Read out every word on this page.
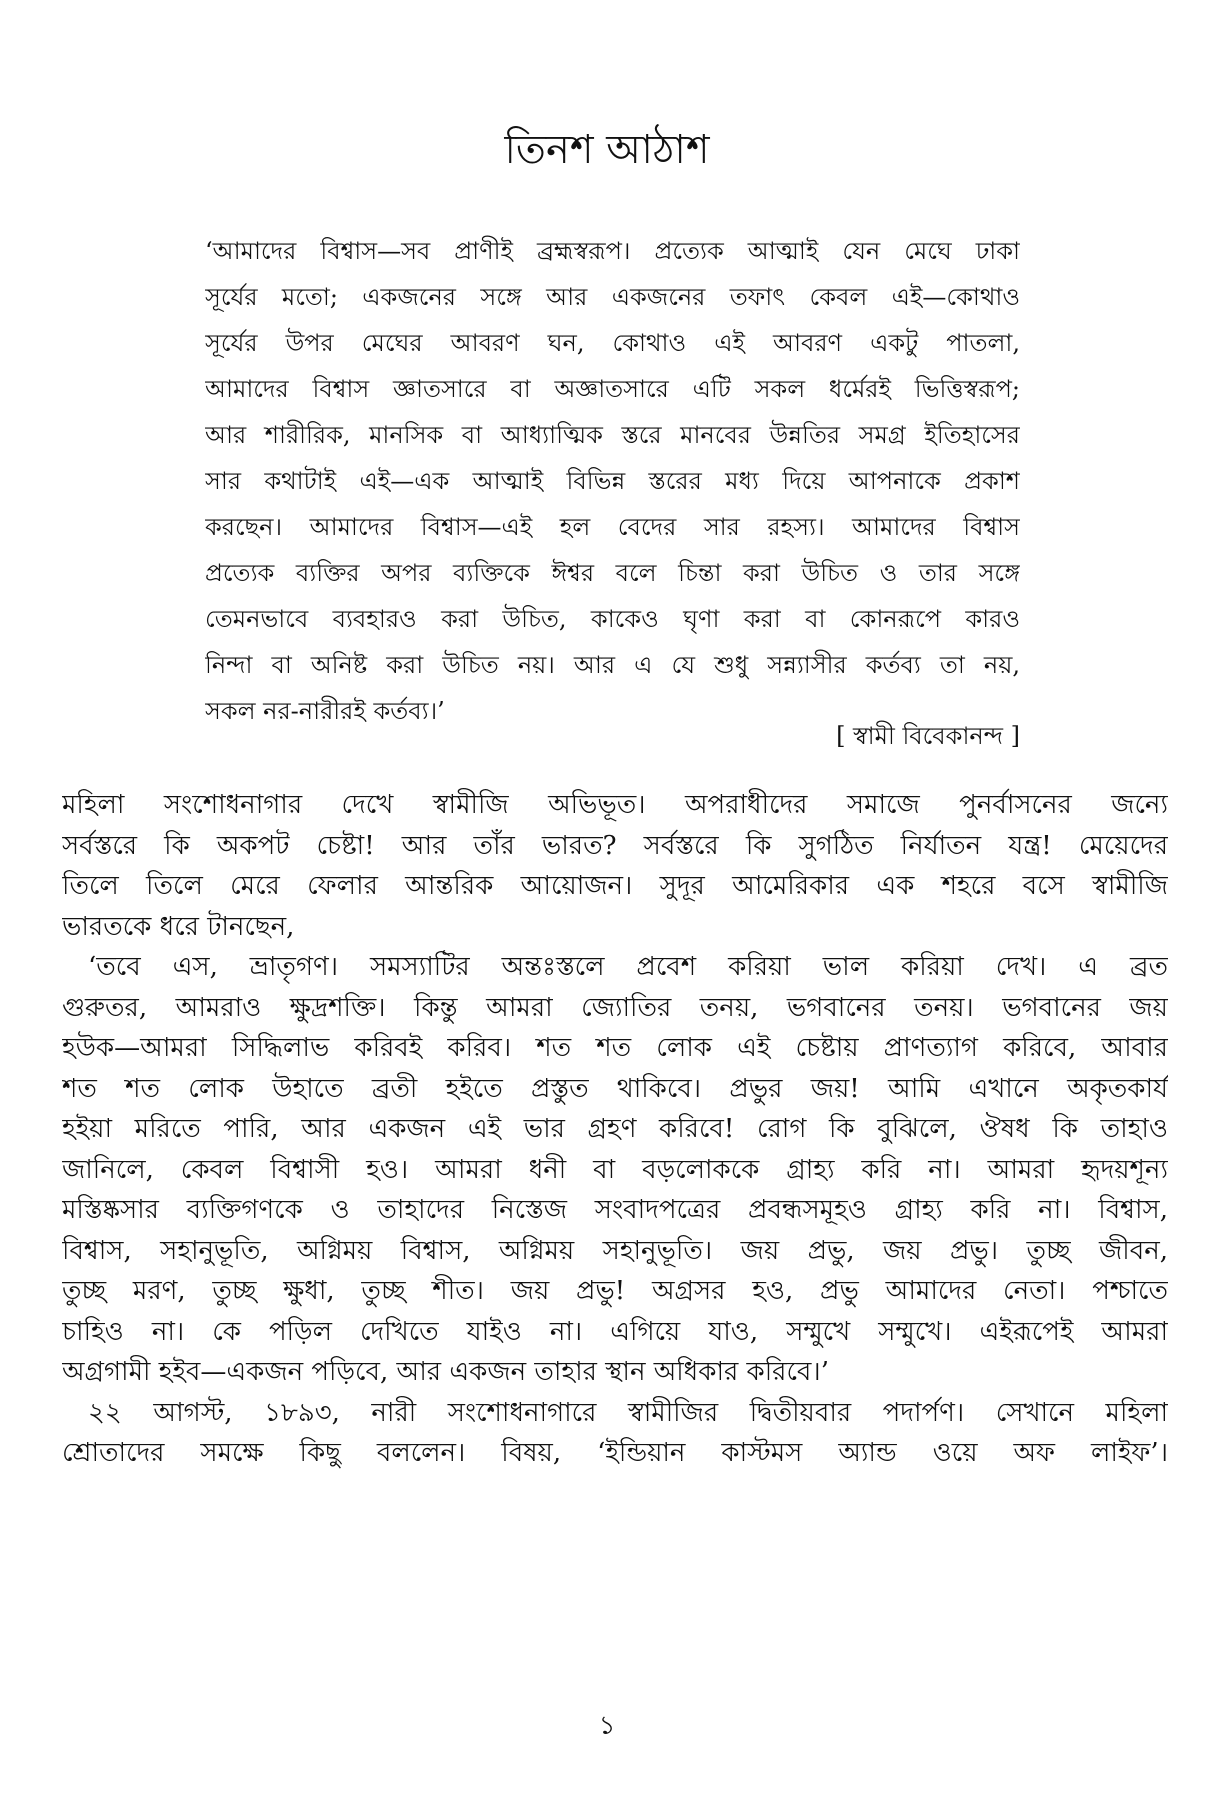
তিনশ আঠাশ
‘আমাদের বিশ্বাস—সব প্রাণীই ব্রহ্মস্বরূপ। প্রত্যেক আত্মাই যেন মেঘে ঢাকা
সূর্যের মতো; একজনের সঙ্গে আর একজনের তফাৎ কেবল এই—কোথাও
সূর্যের উপর মেঘের আবরণ ঘন, কোথাও এই আবরণ একটু পাতলা,
আমাদের বিশ্বাস জ্ঞাতসারে বা অজ্ঞাতসারে এটি সকল ধর্মেরই ভিত্তিস্বরূপ;
আর শারীরিক, মানসিক বা আধ্যাত্মিক স্তরে মানবের উন্নতির সমগ্র ইতিহাসের
সার কথাটাই এই—এক আত্মাই বিভিন্ন স্তরের মধ্য দিয়ে আপনাকে প্রকাশ
করছেন। আমাদের বিশ্বাস—এই হল বেদের সার রহস্য। আমাদের বিশ্বাস
প্রত্যেক ব্যক্তির অপর ব্যক্তিকে ঈশ্বর বলে চিন্তা করা উচিত ও তার সঙ্গে
তেমনভাবে ব্যবহারও করা উচিত, কাকেও ঘৃণা করা বা কোনরূপে কারও
নিন্দা বা অনিষ্ট করা উচিত নয়। আর এ যে শুধু সন্ন্যাসীর কর্তব্য তা নয়,
সকল নর-নারীরই কর্তব্য।’
[ স্বামী বিবেকানন্দ ]
মহিলা সংশোধনাগার দেখে স্বামীজি অভিভূত। অপরাধীদের সমাজে পুনর্বাসনের জন্যে
সর্বস্তরে কি অকপট চেষ্টা! আর তাঁর ভারত? সর্বস্তরে কি সুগঠিত নির্যাতন যন্ত্র! মেয়েদের
তিলে তিলে মেরে ফেলার আন্তরিক আয়োজন। সুদূর আমেরিকার এক শহরে বসে স্বামীজি
ভারতকে ধরে টানছেন,
‘তবে এস, ভ্রাতৃগণ। সমস্যাটির অন্তঃস্তলে প্রবেশ করিয়া ভাল করিয়া দেখ। এ ব্রত
গুরুতর, আমরাও ক্ষুদ্রশক্তি। কিন্তু আমরা জ্যোতির তনয়, ভগবানের তনয়। ভগবানের জয়
হউক—আমরা সিদ্ধিলাভ করিবই করিব। শত শত লোক এই চেষ্টায় প্রাণত্যাগ করিবে, আবার
শত শত লোক উহাতে ব্রতী হইতে প্রস্তুত থাকিবে। প্রভুর জয়! আমি এখানে অকৃতকার্য
হইয়া মরিতে পারি, আর একজন এই ভার গ্রহণ করিবে! রোগ কি বুঝিলে, ঔষধ কি তাহাও
জানিলে, কেবল বিশ্বাসী হও। আমরা ধনী বা বড়লোককে গ্রাহ্য করি না। আমরা হৃদয়শূন্য
মস্তিষ্কসার ব্যক্তিগণকে ও তাহাদের নিস্তেজ সংবাদপত্রের প্রবন্ধসমূহও গ্রাহ্য করি না। বিশ্বাস,
বিশ্বাস, সহানুভূতি, অগ্নিময় বিশ্বাস, অগ্নিময় সহানুভূতি। জয় প্রভু, জয় প্রভু। তুচ্ছ জীবন,
তুচ্ছ মরণ, তুচ্ছ ক্ষুধা, তুচ্ছ শীত। জয় প্রভু! অগ্রসর হও, প্রভু আমাদের নেতা। পশ্চাতে
চাহিও না। কে পড়িল দেখিতে যাইও না। এগিয়ে যাও, সম্মুখে সম্মুখে। এইরূপেই আমরা
অগ্রগামী হইব—একজন পড়িবে, আর একজন তাহার স্থান অধিকার করিবে।’
২২ আগস্ট, ১৮৯৩, নারী সংশোধনাগারে স্বামীজির দ্বিতীয়বার পদার্পণ। সেখানে মহিলা
শ্রোতাদের সমক্ষে কিছু বললেন। বিষয়, ‘ইন্ডিয়ান কাস্টমস অ্যান্ড ওয়ে অফ লাইফ’।
১
